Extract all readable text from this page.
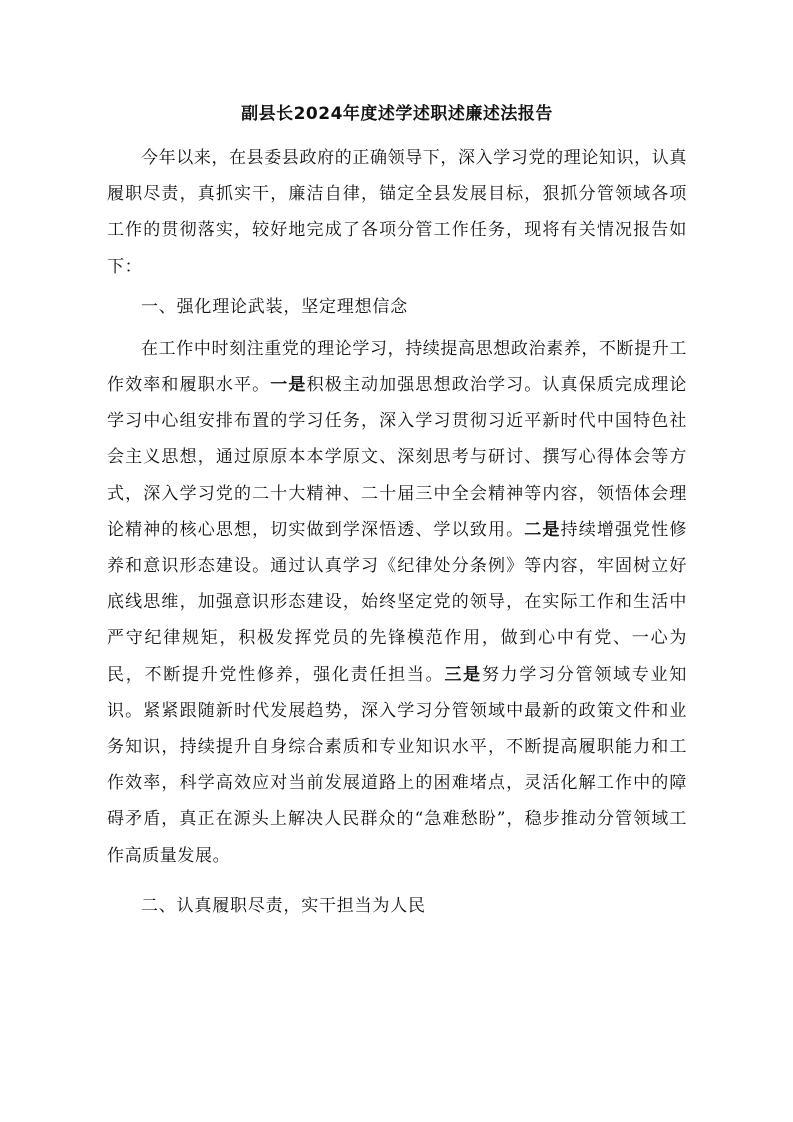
副县长2024年度述学述职述廉述法报告

今年以来，在县委县政府的正确领导下，深入学习党的理论知识，认真履职尽责，真抓实干，廉洁自律，锚定全县发展目标，狠抓分管领域各项工作的贯彻落实，较好地完成了各项分管工作任务，现将有关情况报告如下：

一、强化理论武装，坚定理想信念

在工作中时刻注重党的理论学习，持续提高思想政治素养，不断提升工作效率和履职水平。一是积极主动加强思想政治学习。认真保质完成理论学习中心组安排布置的学习任务，深入学习贯彻习近平新时代中国特色社会主义思想，通过原原本本学原文、深刻思考与研讨、撰写心得体会等方式，深入学习党的二十大精神、二十届三中全会精神等内容，领悟体会理论精神的核心思想，切实做到学深悟透、学以致用。二是持续增强党性修养和意识形态建设。通过认真学习《纪律处分条例》等内容，牢固树立好底线思维，加强意识形态建设，始终坚定党的领导，在实际工作和生活中严守纪律规矩，积极发挥党员的先锋模范作用，做到心中有党、一心为民，不断提升党性修养，强化责任担当。三是努力学习分管领域专业知识。紧紧跟随新时代发展趋势，深入学习分管领域中最新的政策文件和业务知识，持续提升自身综合素质和专业知识水平，不断提高履职能力和工作效率，科学高效应对当前发展道路上的困难堵点，灵活化解工作中的障碍矛盾，真正在源头上解决人民群众的“急难愁盼”，稳步推动分管领域工作高质量发展。

二、认真履职尽责，实干担当为人民
